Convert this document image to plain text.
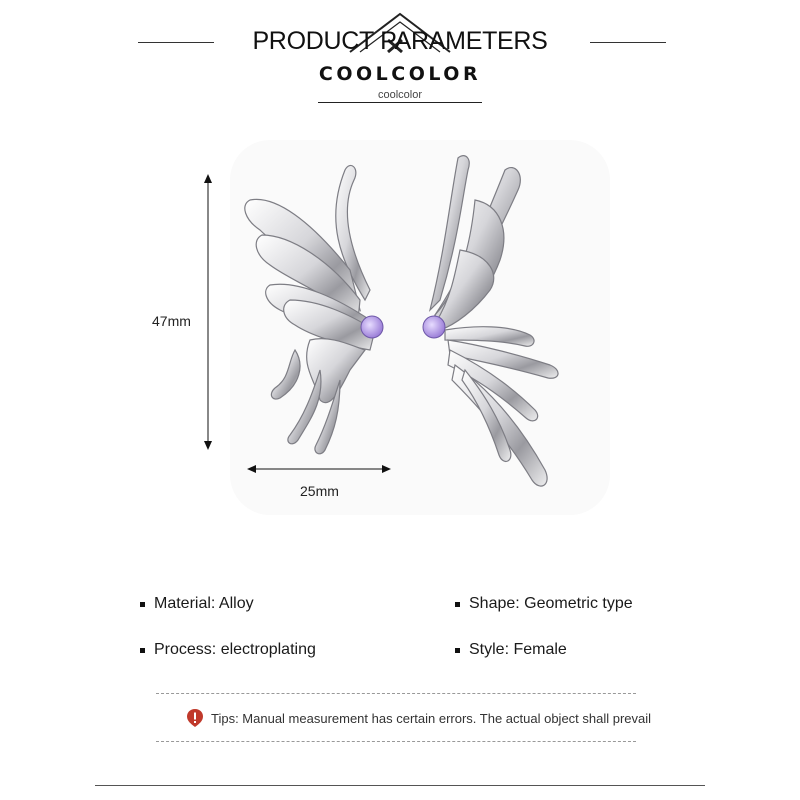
PRODUCT PARAMETERS
COOLCOLOR
coolcolor
47mm
25mm
Material: Alloy	Shape: Geometric type
Process: electroplating	Style: Female
Tips: Manual measurement has certain errors. The actual object shall prevail
